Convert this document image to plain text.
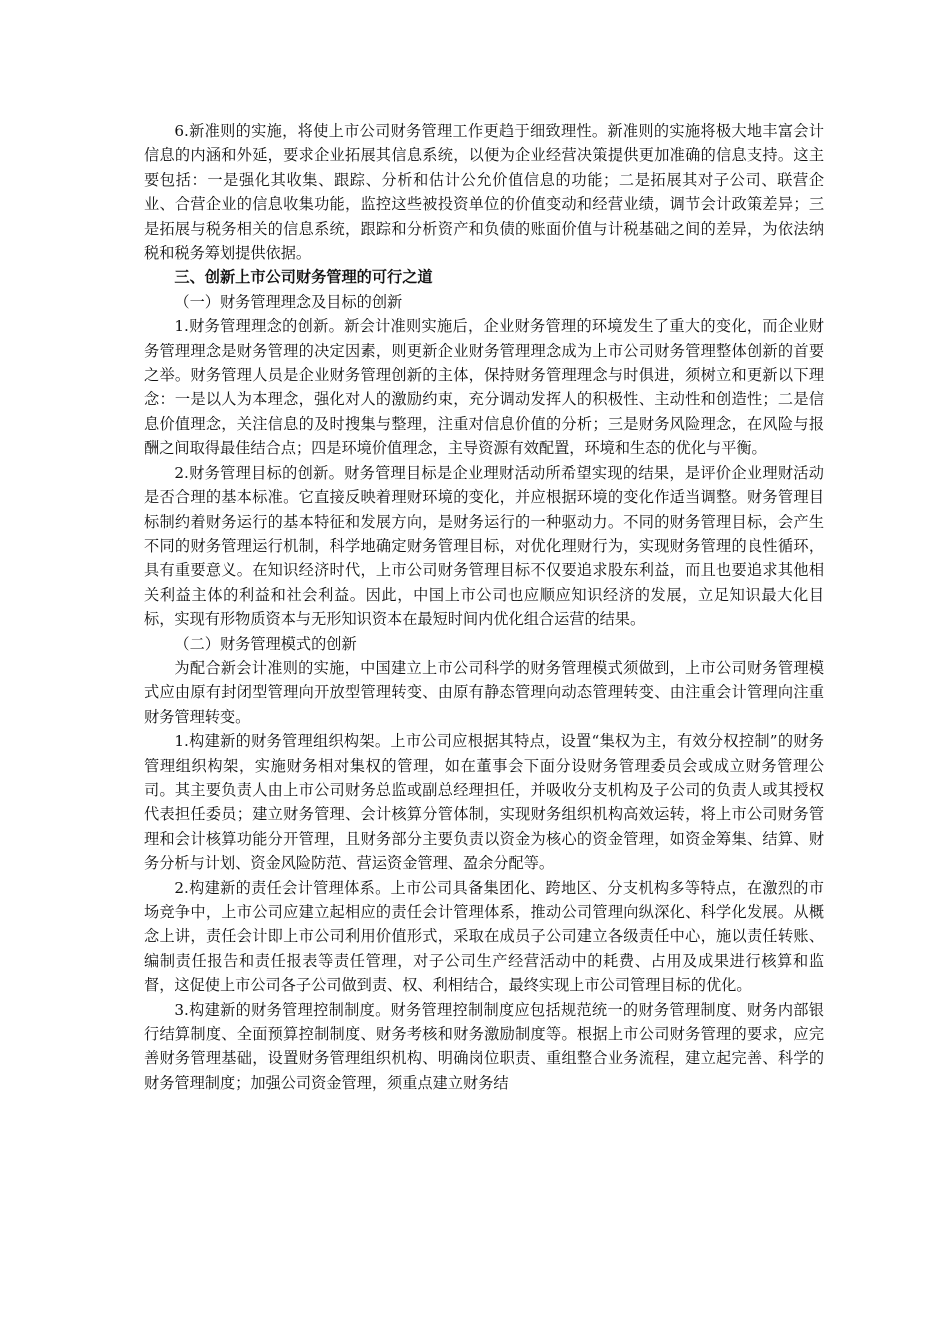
6.新准则的实施，将使上市公司财务管理工作更趋于细致理性。新准则的实施将极大地丰富会计信息的内涵和外延，要求企业拓展其信息系统，以便为企业经营决策提供更加准确的信息支持。这主要包括：一是强化其收集、跟踪、分析和估计公允价值信息的功能；二是拓展其对子公司、联营企业、合营企业的信息收集功能，监控这些被投资单位的价值变动和经营业绩，调节会计政策差异；三是拓展与税务相关的信息系统，跟踪和分析资产和负债的账面价值与计税基础之间的差异，为依法纳税和税务筹划提供依据。

三、创新上市公司财务管理的可行之道

（一）财务管理理念及目标的创新

1.财务管理理念的创新。新会计准则实施后，企业财务管理的环境发生了重大的变化，而企业财务管理理念是财务管理的决定因素，则更新企业财务管理理念成为上市公司财务管理整体创新的首要之举。财务管理人员是企业财务管理创新的主体，保持财务管理理念与时俱进，须树立和更新以下理念：一是以人为本理念，强化对人的激励约束，充分调动发挥人的积极性、主动性和创造性；二是信息价值理念，关注信息的及时搜集与整理，注重对信息价值的分析；三是财务风险理念，在风险与报酬之间取得最佳结合点；四是环境价值理念，主导资源有效配置，环境和生态的优化与平衡。

2.财务管理目标的创新。财务管理目标是企业理财活动所希望实现的结果，是评价企业理财活动是否合理的基本标准。它直接反映着理财环境的变化，并应根据环境的变化作适当调整。财务管理目标制约着财务运行的基本特征和发展方向，是财务运行的一种驱动力。不同的财务管理目标，会产生不同的财务管理运行机制，科学地确定财务管理目标，对优化理财行为，实现财务管理的良性循环，具有重要意义。在知识经济时代，上市公司财务管理目标不仅要追求股东利益，而且也要追求其他相关利益主体的利益和社会利益。因此，中国上市公司也应顺应知识经济的发展，立足知识最大化目标，实现有形物质资本与无形知识资本在最短时间内优化组合运营的结果。

（二）财务管理模式的创新

为配合新会计准则的实施，中国建立上市公司科学的财务管理模式须做到，上市公司财务管理模式应由原有封闭型管理向开放型管理转变、由原有静态管理向动态管理转变、由注重会计管理向注重财务管理转变。

1.构建新的财务管理组织构架。上市公司应根据其特点，设置“集权为主，有效分权控制”的财务管理组织构架，实施财务相对集权的管理，如在董事会下面分设财务管理委员会或成立财务管理公司。其主要负责人由上市公司财务总监或副总经理担任，并吸收分支机构及子公司的负责人或其授权代表担任委员；建立财务管理、会计核算分管体制，实现财务组织机构高效运转，将上市公司财务管理和会计核算功能分开管理，且财务部分主要负责以资金为核心的资金管理，如资金筹集、结算、财务分析与计划、资金风险防范、营运资金管理、盈余分配等。

2.构建新的责任会计管理体系。上市公司具备集团化、跨地区、分支机构多等特点，在激烈的市场竞争中，上市公司应建立起相应的责任会计管理体系，推动公司管理向纵深化、科学化发展。从概念上讲，责任会计即上市公司利用价值形式，采取在成员子公司建立各级责任中心，施以责任转账、编制责任报告和责任报表等责任管理，对子公司生产经营活动中的耗费、占用及成果进行核算和监督，这促使上市公司各子公司做到责、权、利相结合，最终实现上市公司管理目标的优化。

3.构建新的财务管理控制制度。财务管理控制制度应包括规范统一的财务管理制度、财务内部银行结算制度、全面预算控制制度、财务考核和财务激励制度等。根据上市公司财务管理的要求，应完善财务管理基础，设置财务管理组织机构、明确岗位职责、重组整合业务流程，建立起完善、科学的财务管理制度；加强公司资金管理，须重点建立财务结
